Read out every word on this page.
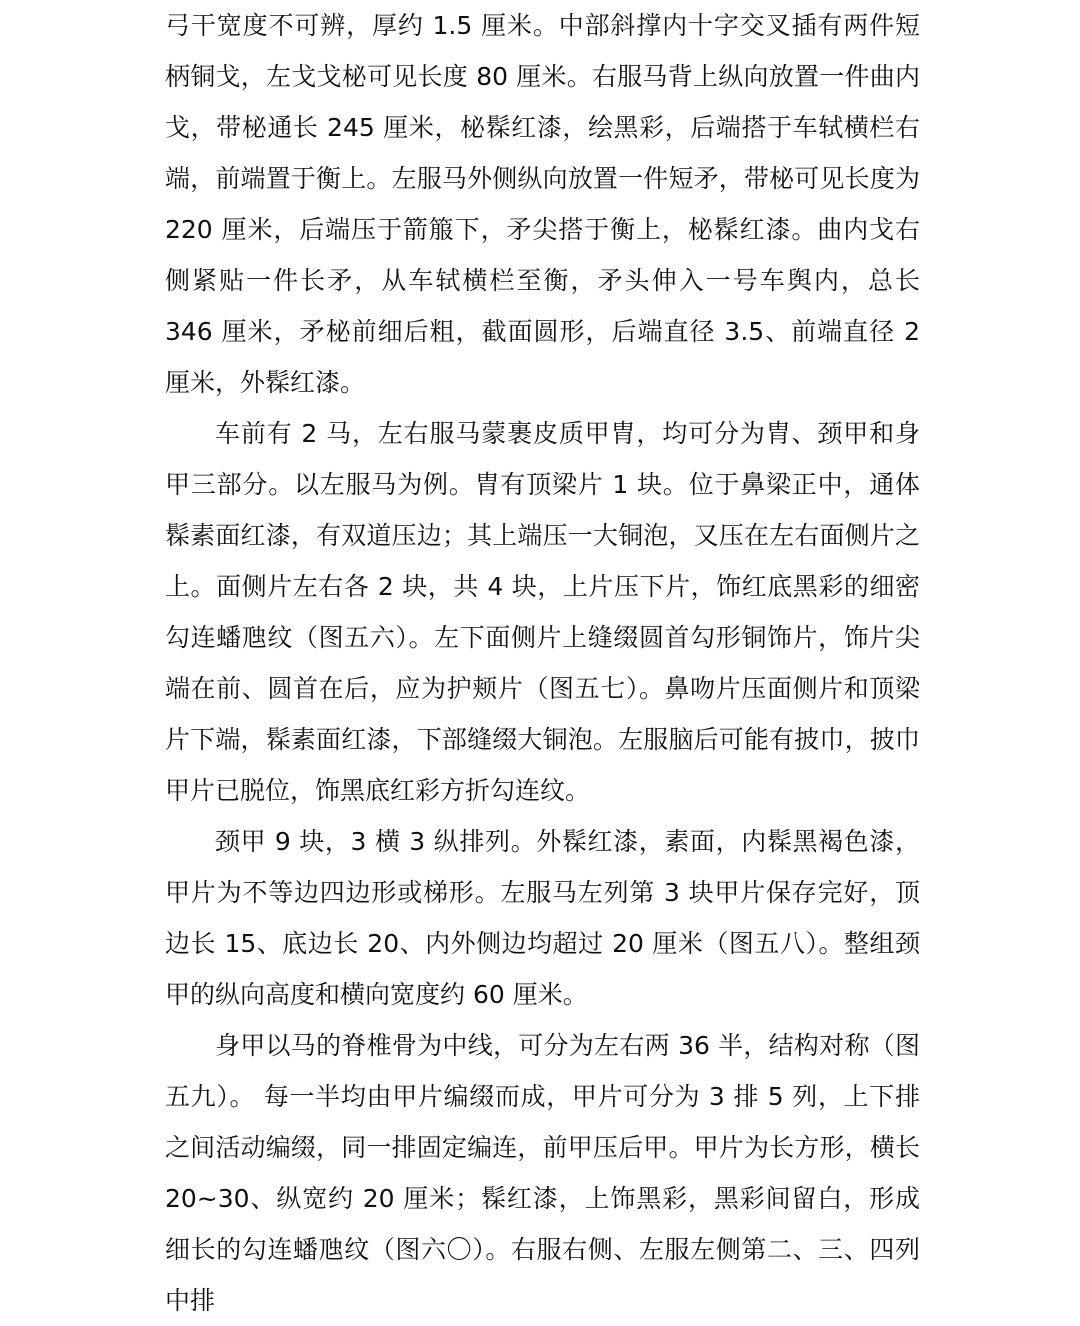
弓干宽度不可辨，厚约 1.5 厘米。中部斜撑内十字交叉插有两件短柄铜戈，左戈戈柲可见长度 80 厘米。右服马背上纵向放置一件曲内戈，带柲通长 245 厘米，柲髹红漆，绘黑彩，后端搭于车轼横栏右端，前端置于衡上。左服马外侧纵向放置一件短矛，带柲可见长度为 220 厘米，后端压于箭箙下，矛尖搭于衡上，柲髹红漆。曲内戈右侧紧贴一件长矛，从车轼横栏至衡，矛头伸入一号车舆内，总长 346 厘米，矛柲前细后粗，截面圆形，后端直径 3.5、前端直径 2 厘米，外髹红漆。

车前有 2 马，左右服马蒙裹皮质甲胄，均可分为胄、颈甲和身甲三部分。以左服马为例。胄有顶梁片 1 块。位于鼻梁正中，通体髹素面红漆，有双道压边；其上端压一大铜泡，又压在左右面侧片之上。面侧片左右各 2 块，共 4 块，上片压下片，饰红底黑彩的细密勾连蟠虺纹（图五六）。左下面侧片上缝缀圆首勾形铜饰片，饰片尖端在前、圆首在后，应为护颊片（图五七）。鼻吻片压面侧片和顶梁片下端，髹素面红漆，下部缝缀大铜泡。左服脑后可能有披巾，披巾甲片已脱位，饰黑底红彩方折勾连纹。

颈甲 9 块，3 横 3 纵排列。外髹红漆，素面，内髹黑褐色漆，甲片为不等边四边形或梯形。左服马左列第 3 块甲片保存完好，顶边长 15、底边长 20、内外侧边均超过 20 厘米（图五八）。整组颈甲的纵向高度和横向宽度约 60 厘米。

身甲以马的脊椎骨为中线，可分为左右两 36 半，结构对称（图五九）。 每一半均由甲片编缀而成，甲片可分为 3 排 5 列，上下排之间活动编缀，同一排固定编连，前甲压后甲。甲片为长方形，横长 20~30、纵宽约 20 厘米；髹红漆，上饰黑彩，黑彩间留白，形成细长的勾连蟠虺纹（图六〇）。右服右侧、左服左侧第二、三、四列中排
